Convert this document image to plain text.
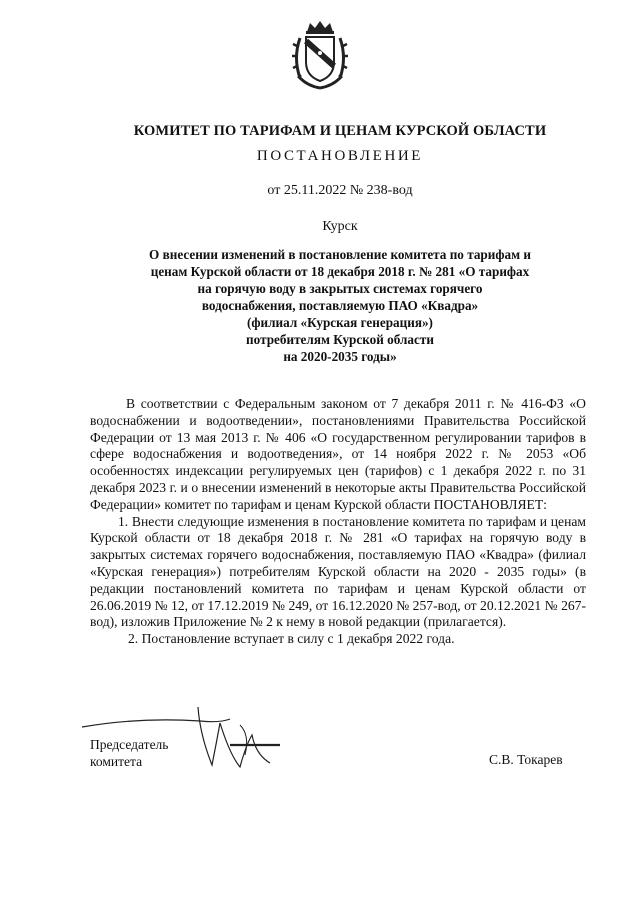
КОМИТЕТ ПО ТАРИФАМ И ЦЕНАМ КУРСКОЙ ОБЛАСТИ
ПОСТАНОВЛЕНИЕ
от 25.11.2022 № 238-вод
Курск
О внесении изменений в постановление комитета по тарифам и
ценам Курской области от 18 декабря 2018 г. № 281 «О тарифах
на горячую воду в закрытых системах горячего
водоснабжения, поставляемую ПАО «Квадра»
(филиал «Курская генерация»)
потребителям Курской области
на 2020-2035 годы»

В соответствии с Федеральным законом от 7 декабря 2011 г. № 416-ФЗ «О водоснабжении и водоотведении», постановлениями Правительства Российской Федерации от 13 мая 2013 г. № 406 «О государственном регулировании тарифов в сфере водоснабжения и водоотведения», от 14 ноября 2022 г. № 2053 «Об особенностях индексации регулируемых цен (тарифов) с 1 декабря 2022 г. по 31 декабря 2023 г. и о внесении изменений в некоторые акты Правительства Российской Федерации» комитет по тарифам и ценам Курской области ПОСТАНОВЛЯЕТ:

1. Внести следующие изменения в постановление комитета по тарифам и ценам Курской области от 18 декабря 2018 г. № 281 «О тарифах на горячую воду в закрытых системах горячего водоснабжения, поставляемую ПАО «Квадра» (филиал «Курская генерация») потребителям Курской области на 2020 - 2035 годы» (в редакции постановлений комитета по тарифам и ценам Курской области от 26.06.2019 № 12, от 17.12.2019 № 249, от 16.12.2020 № 257-вод, от 20.12.2021 № 267-вод), изложив Приложение № 2 к нему в новой редакции (прилагается).

2. Постановление вступает в силу с 1 декабря 2022 года.

Председатель
комитета	С.В. Токарев
